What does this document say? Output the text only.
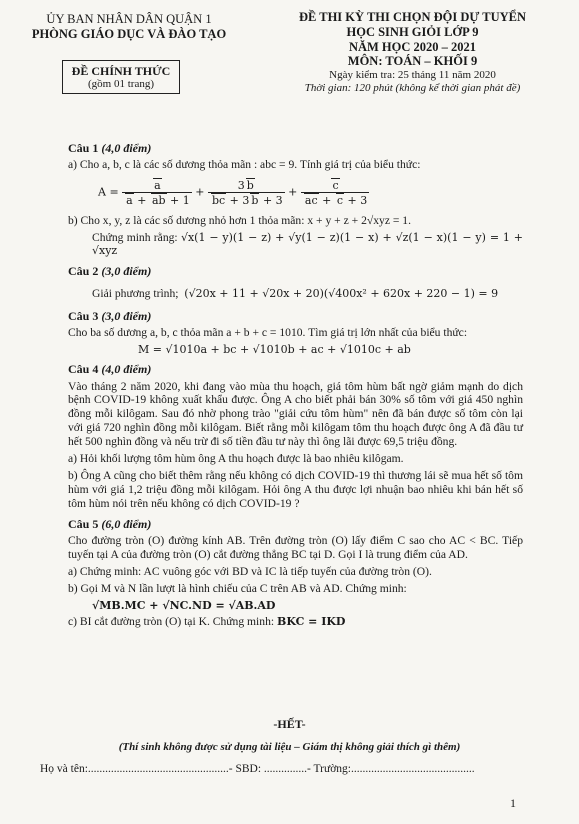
ỦY BAN NHÂN DÂN QUẬN 1
PHÒNG GIÁO DỤC VÀ ĐÀO TẠO
ĐỀ CHÍNH THỨC
(gồm 01 trang)
ĐỀ THI KỲ THI CHỌN ĐỘI DỰ TUYỂN
HỌC SINH GIỎI LỚP 9
NĂM HỌC 2020 – 2021
MÔN: TOÁN – KHỐI 9
Ngày kiểm tra: 25 tháng 11 năm 2020
Thời gian: 120 phút (không kể thời gian phát đề)
Câu 1 (4,0 điểm)

a) Cho a, b, c là các số dương thỏa mãn : abc = 9. Tính giá trị của biểu thức:

$A = \frac{a}{a + ab + 1} + \frac{3 b}{bc + 3 b + 3} + \frac{c}{ac + c + 3}$

b) Cho x, y, z là các số dương nhỏ hơn 1 thỏa mãn: x + y + z + 2√xyz = 1.

Chứng minh rằng: √x(1 − y)(1 − z) + √y(1 − z)(1 − x) + √z(1 − x)(1 − y) = 1 + √xyz

Câu 2 (3,0 điểm)

Giải phương trình; (√20x + 11 + √20x + 20)(√400x² + 620x + 220 − 1) = 9

Câu 3 (3,0 điểm)

Cho ba số dương a, b, c thỏa mãn a + b + c = 1010. Tìm giá trị lớn nhất của biểu thức:

M = √1010a + bc + √1010b + ac + √1010c + ab

Câu 4 (4,0 điểm)

Vào tháng 2 năm 2020, khi đang vào mùa thu hoạch, giá tôm hùm bất ngờ giảm mạnh do dịch bệnh COVID-19 không xuất khẩu được. Ông A cho biết phải bán 30% số tôm với giá 450 nghìn đồng mỗi kilôgam. Sau đó nhờ phong trào "giải cứu tôm hùm" nên đã bán được số tôm còn lại với giá 720 nghìn đồng mỗi kilôgam. Biết rằng mỗi kilôgam tôm thu hoạch được ông A đã đầu tư hết 500 nghìn đồng và nếu trừ đi số tiền đầu tư này thì ông lãi được 69,5 triệu đồng.

a) Hỏi khối lượng tôm hùm ông A thu hoạch được là bao nhiêu kilôgam.

b) Ông A cũng cho biết thêm rằng nếu không có dịch COVID-19 thì thương lái sẽ mua hết số tôm hùm với giá 1,2 triệu đồng mỗi kilôgam. Hỏi ông A thu được lợi nhuận bao nhiêu khi bán hết số tôm hùm nói trên nếu không có dịch COVID-19 ?

Câu 5 (6,0 điểm)

Cho đường tròn (O) đường kính AB. Trên đường tròn (O) lấy điểm C sao cho AC < BC. Tiếp tuyến tại A của đường tròn (O) cắt đường thẳng BC tại D. Gọi I là trung điểm của AD.

a) Chứng minh: AC vuông góc với BD và IC là tiếp tuyến của đường tròn (O).

b) Gọi M và N lần lượt là hình chiếu của C trên AB và AD. Chứng minh:

√MB.MC + √NC.ND = √AB.AD

c) BI cắt đường tròn (O) tại K. Chứng minh: BKC = IKD

-HẾT-
(Thí sinh không được sử dụng tài liệu – Giám thị không giải thích gì thêm)
Họ và tên:.................................................- SBD: ...............- Trường:...........................................
1
